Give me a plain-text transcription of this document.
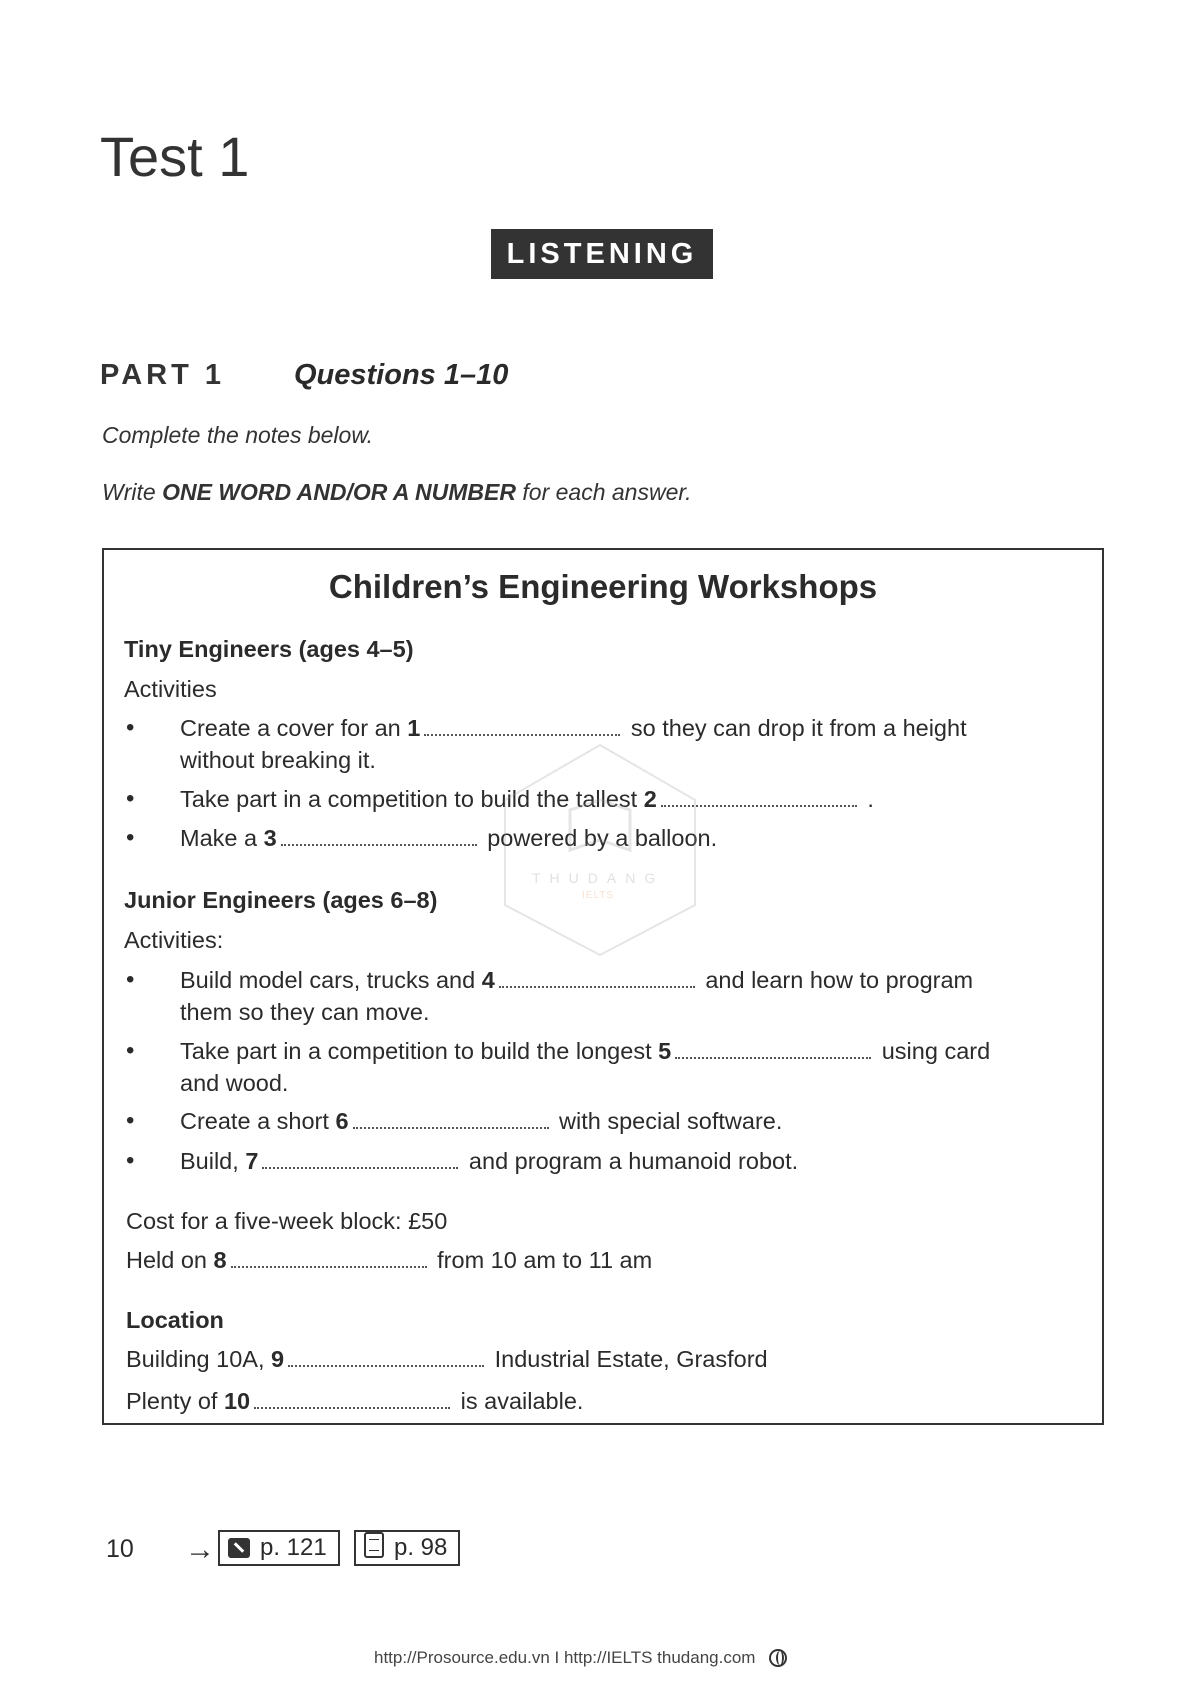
Test 1
LISTENING
PART 1 Questions 1–10
Complete the notes below.
Write ONE WORD AND/OR A NUMBER for each answer.
Children’s Engineering Workshops
Tiny Engineers (ages 4–5)
Activities
• Create a cover for an 1	so they can drop it from a height
without breaking it.
• Take part in a competition to build the tallest 2	.
• Make a 3	powered by a balloon.
Junior Engineers (ages 6–8)
Activities:
• Build model cars, trucks and 4	and learn how to program
them so they can move.
• Take part in a competition to build the longest 5	using card
and wood.
• Create a short 6	with special software.
• Build, 7	and program a humanoid robot.
Cost for a five-week block: £50
Held on 8	from 10 am to 11 am
Location
Building 10A, 9	Industrial Estate, Grasford
Plenty of 10	is available.
THUDANG
IELTS
10 →	p. 121	p. 98
http://Prosource.edu.vn I http://IELTS thudang.com
